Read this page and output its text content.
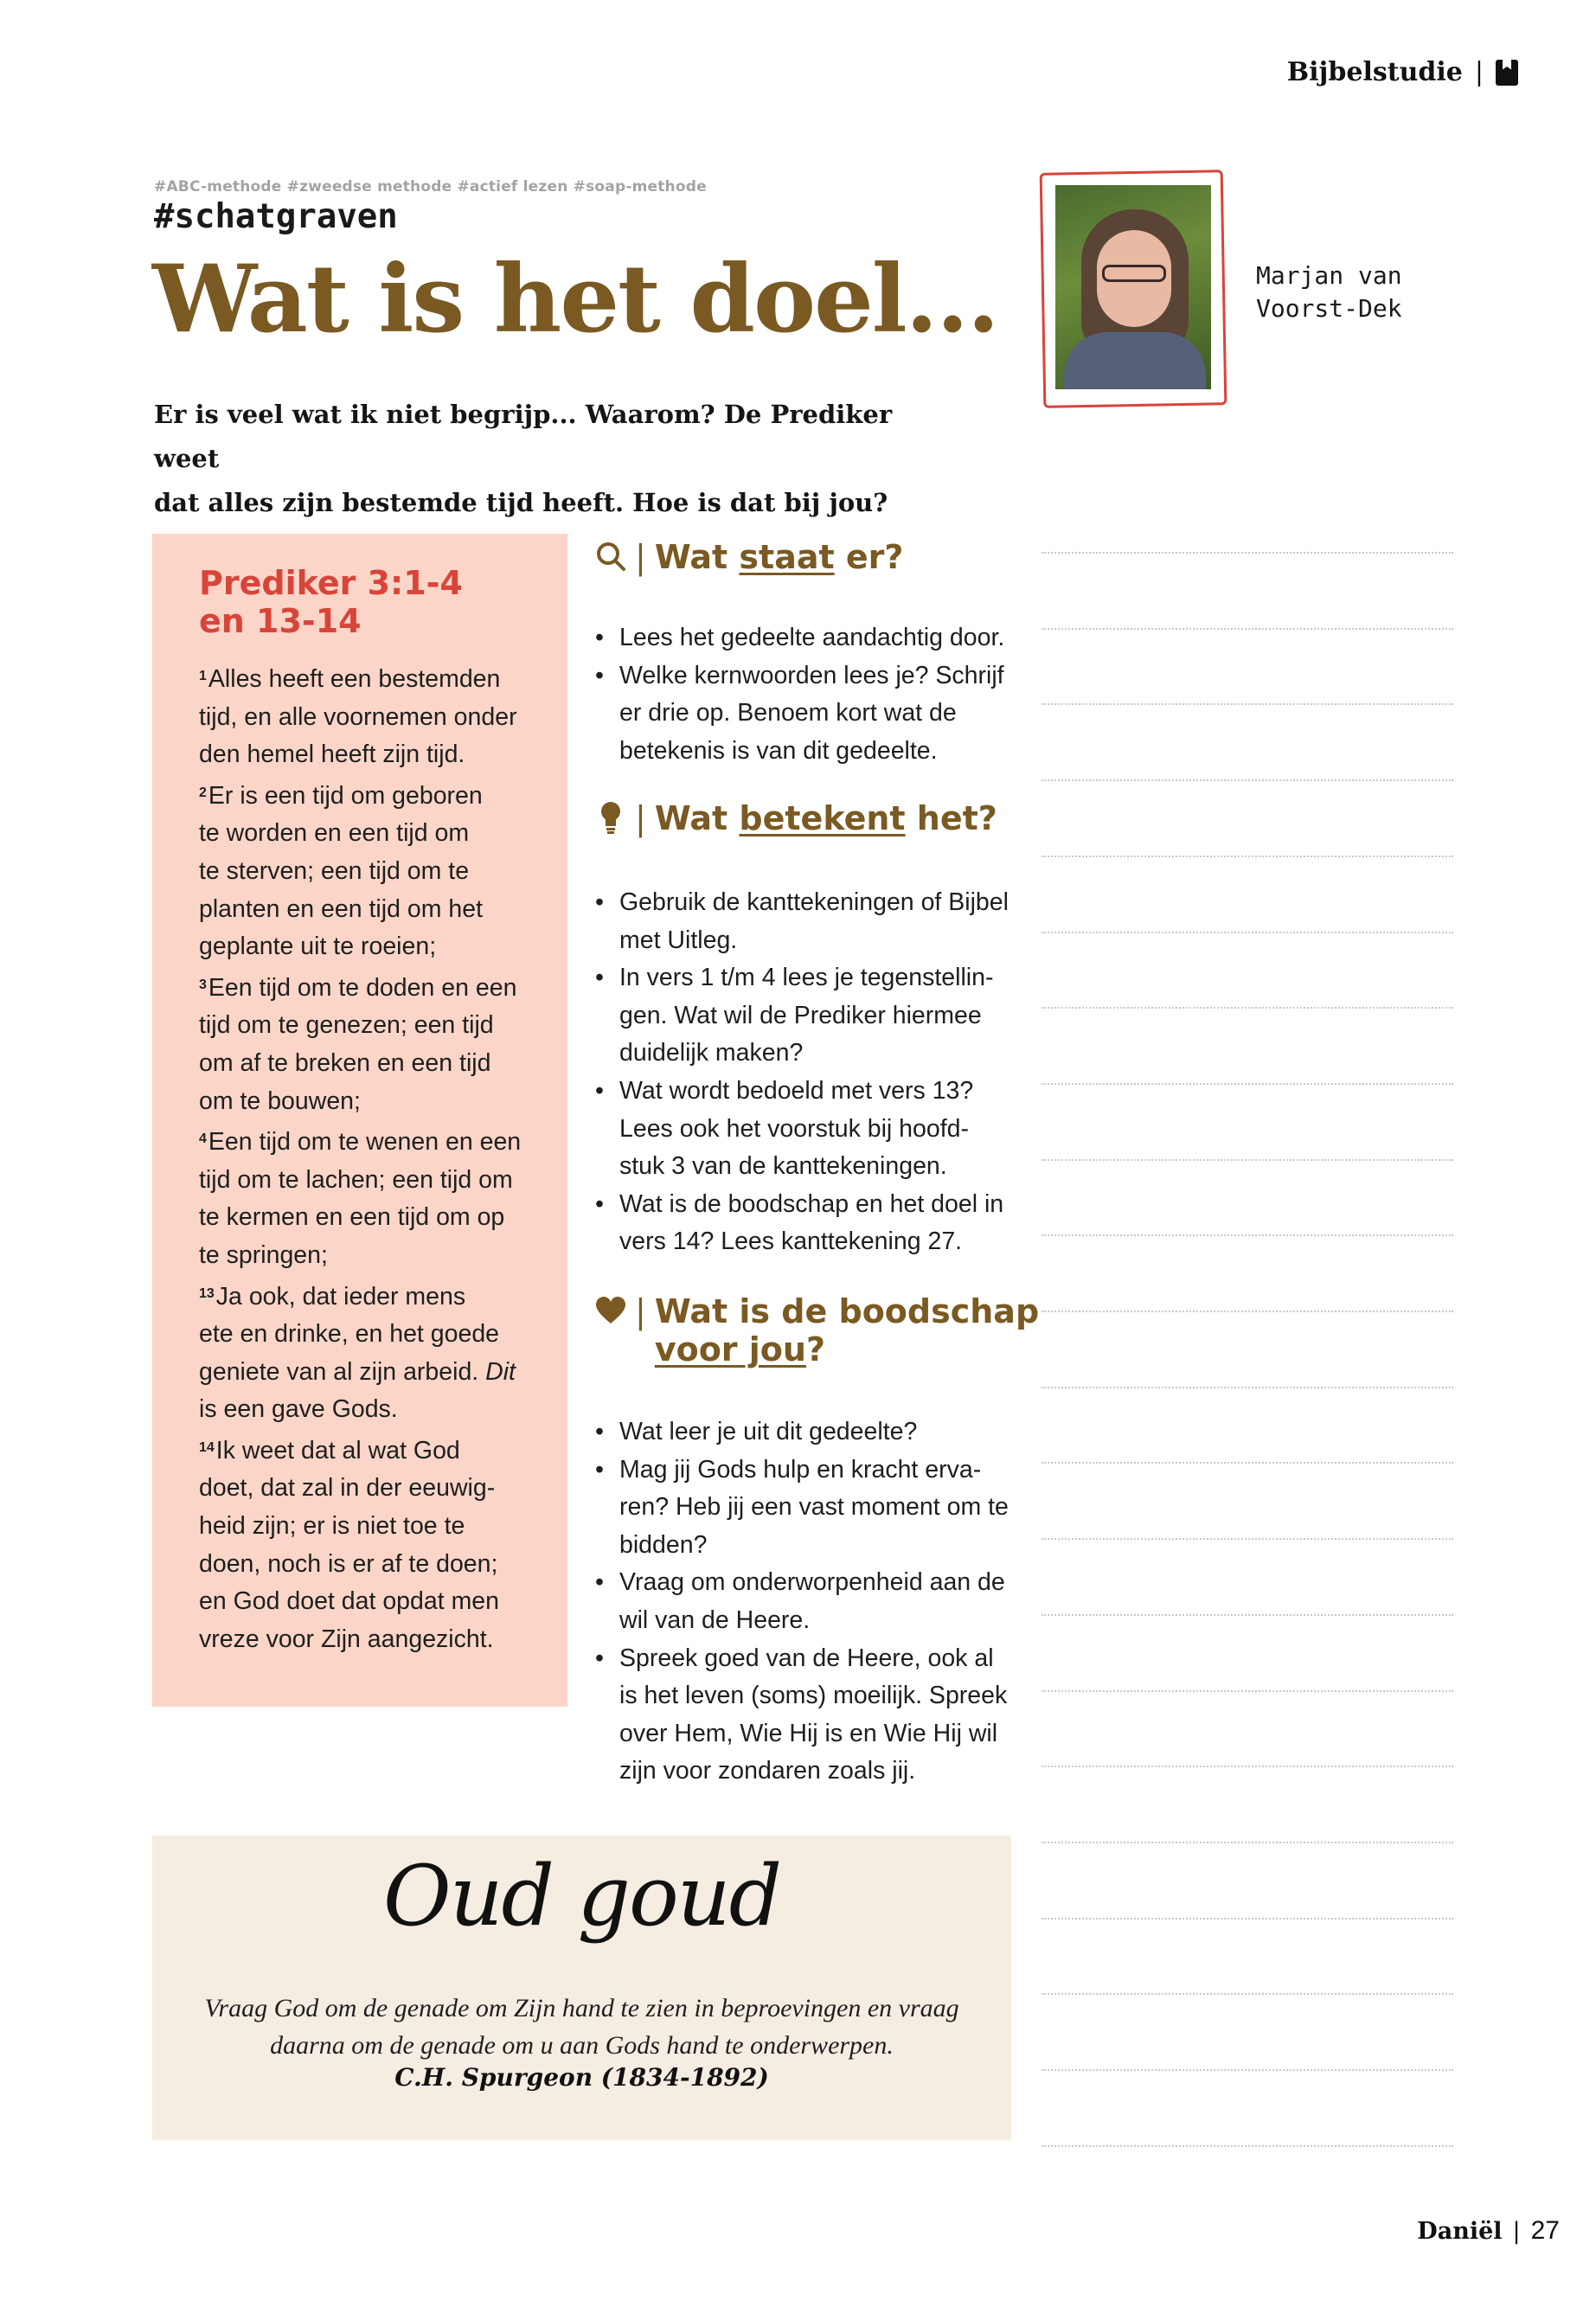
Bijbelstudie |
#ABC-methode #zweedse methode #actief lezen #soap-methode
#schatgraven
Wat is het doel...
Er is veel wat ik niet begrijp... Waarom? De Prediker weet
dat alles zijn bestemde tijd heeft. Hoe is dat bij jou?
Marjan van
Voorst-Dek
Prediker 3:1-4
en 13-14
$^1$Alles heeft een bestemden
tijd, en alle voornemen onder
den hemel heeft zijn tijd.
$^2$Er is een tijd om geboren
te worden en een tijd om
te sterven; een tijd om te
planten en een tijd om het
geplante uit te roeien;
$^3$Een tijd om te doden en een
tijd om te genezen; een tijd
om af te breken en een tijd
om te bouwen;
$^4$Een tijd om te wenen en een
tijd om te lachen; een tijd om
te kermen en een tijd om op
te springen;
$^{13}$Ja ook, dat ieder mens
ete en drinke, en het goede
geniete van al zijn arbeid. Dit
is een gave Gods.
$^{14}$Ik weet dat al wat God
doet, dat zal in der eeuwig-
heid zijn; er is niet toe te
doen, noch is er af te doen;
en God doet dat opdat men
vreze voor Zijn aangezicht.
| Wat staat er?
• Lees het gedeelte aandachtig door.
• Welke kernwoorden lees je? Schrijf
er drie op. Benoem kort wat de
betekenis is van dit gedeelte.
| Wat betekent het?
• Gebruik de kanttekeningen of Bijbel
met Uitleg.
• In vers 1 t/m 4 lees je tegenstellin-
gen. Wat wil de Prediker hiermee
duidelijk maken?
• Wat wordt bedoeld met vers 13?
Lees ook het voorstuk bij hoofd-
stuk 3 van de kanttekeningen.
• Wat is de boodschap en het doel in
vers 14? Lees kanttekening 27.
| Wat is de boodschap
voor jou?
• Wat leer je uit dit gedeelte?
• Mag jij Gods hulp en kracht erva-
ren? Heb jij een vast moment om te
bidden?
• Vraag om onderworpenheid aan de
wil van de Heere.
• Spreek goed van de Heere, ook al
is het leven (soms) moeilijk. Spreek
over Hem, Wie Hij is en Wie Hij wil
zijn voor zondaren zoals jij.
Oud goud
Vraag God om de genade om Zijn hand te zien in beproevingen en vraag
daarna om de genade om u aan Gods hand te onderwerpen.
C.H. Spurgeon (1834-1892)
Daniël | 27
